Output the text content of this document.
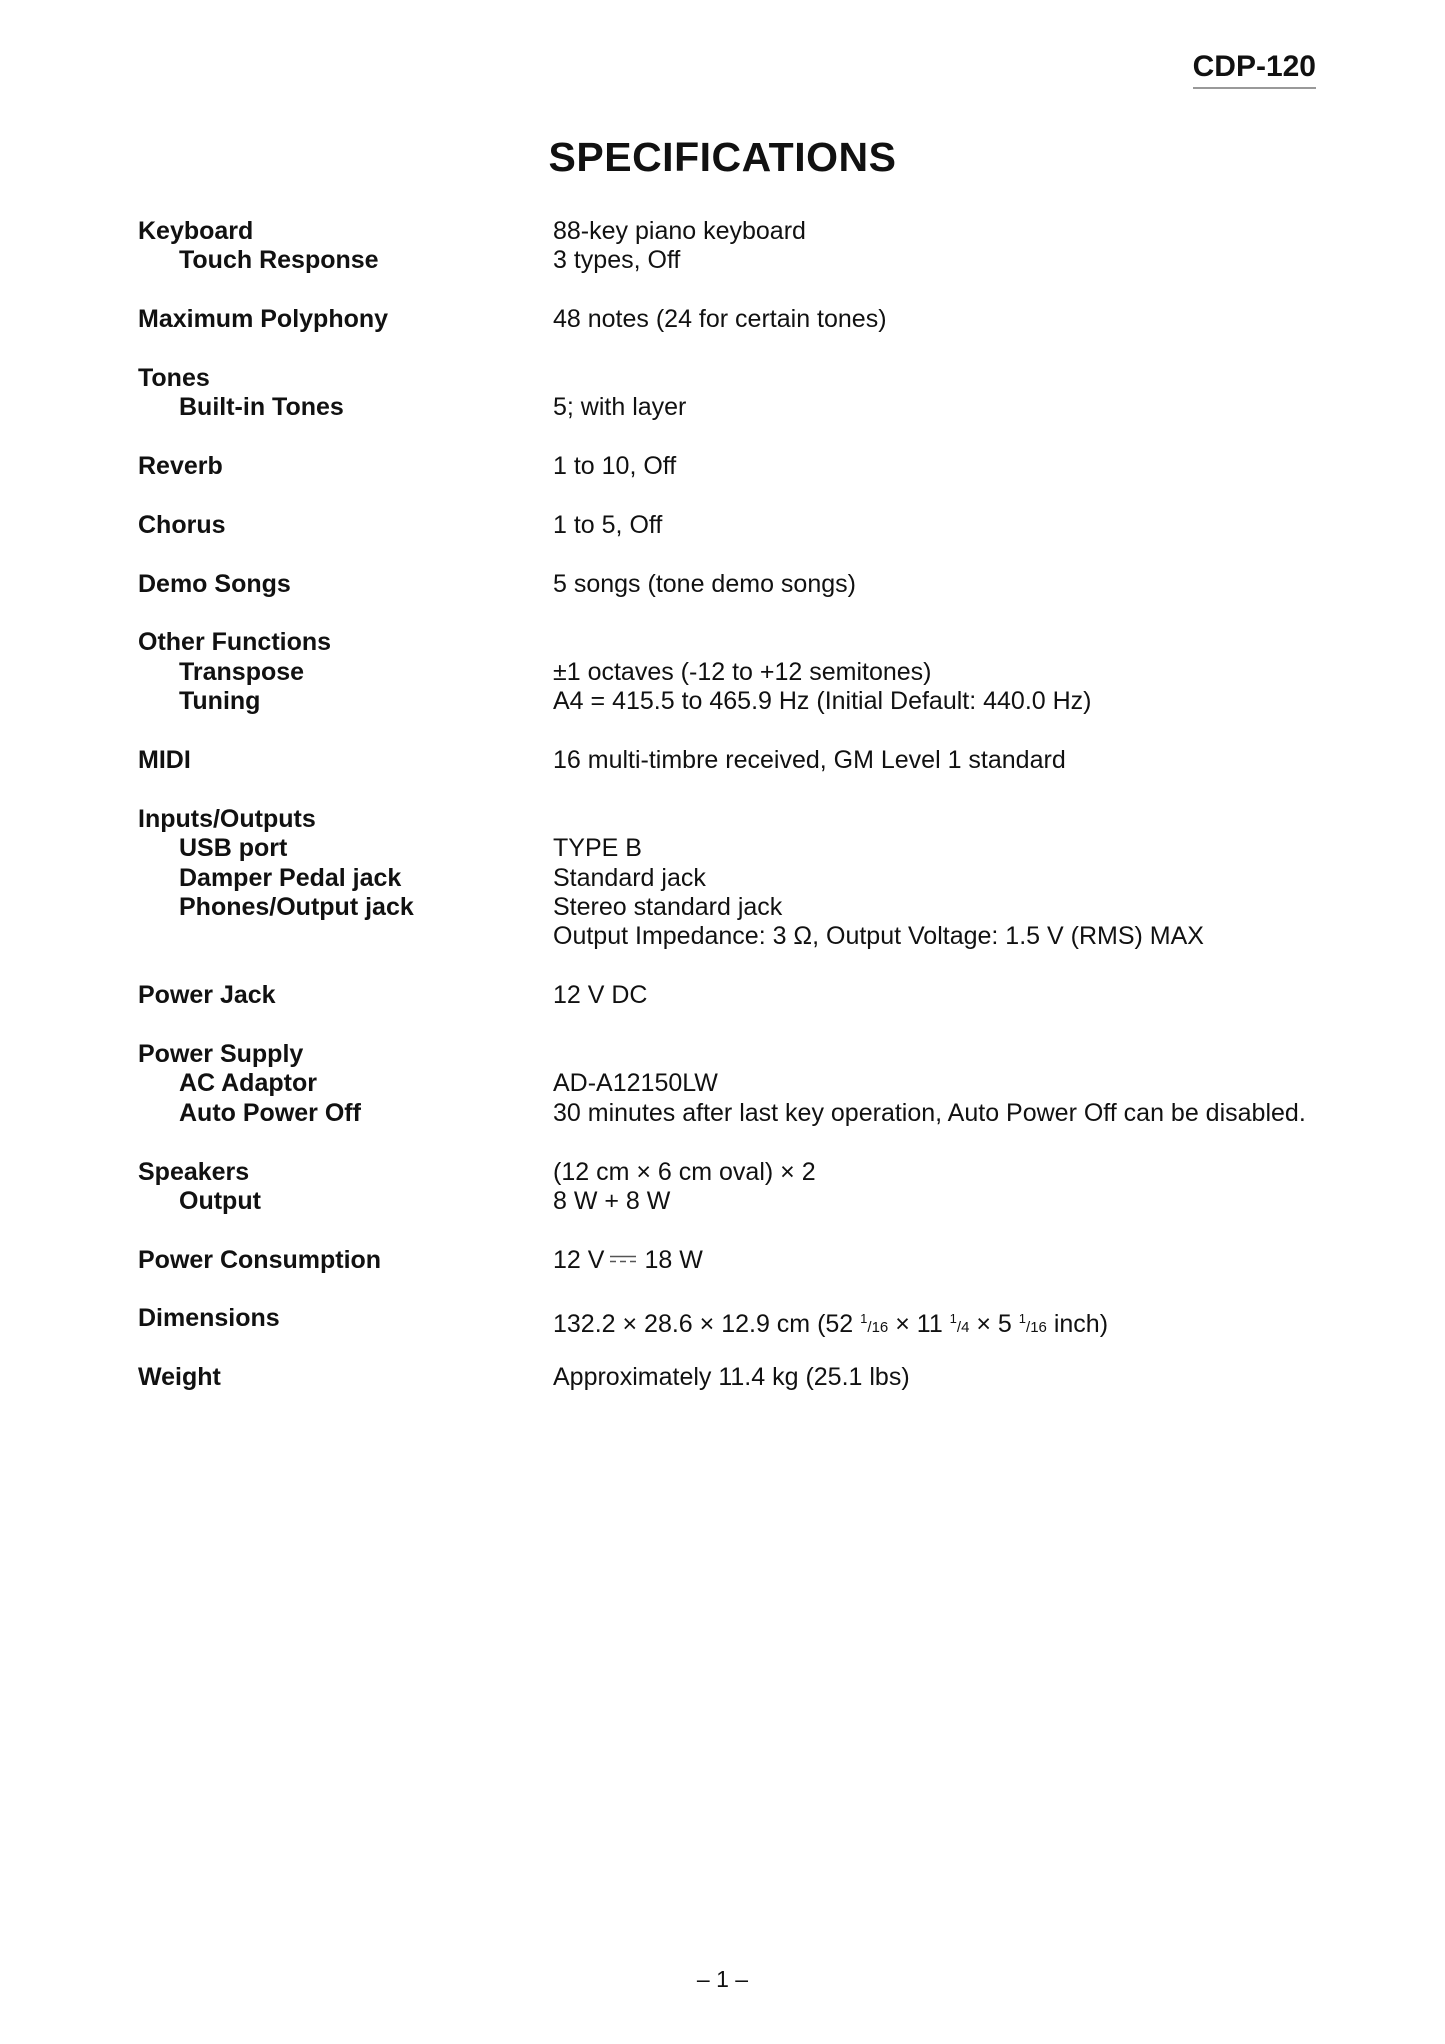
CDP-120
SPECIFICATIONS
Keyboard	88-key piano keyboard
Touch Response	3 types, Off
Maximum Polyphony	48 notes (24 for certain tones)
Tones
Built-in Tones	5; with layer
Reverb	1 to 10, Off
Chorus	1 to 5, Off
Demo Songs	5 songs (tone demo songs)
Other Functions
Transpose	±1 octaves (-12 to +12 semitones)
Tuning	A4 = 415.5 to 465.9 Hz (Initial Default: 440.0 Hz)
MIDI	16 multi-timbre received, GM Level 1 standard
Inputs/Outputs
USB port	TYPE B
Damper Pedal jack	Standard jack
Phones/Output jack	Stereo standard jack
Output Impedance: 3 Ω, Output Voltage: 1.5 V (RMS) MAX
Power Jack	12 V DC
Power Supply
AC Adaptor	AD-A12150LW
Auto Power Off	30 minutes after last key operation, Auto Power Off can be disabled.
Speakers	(12 cm × 6 cm oval) × 2
Output	8 W + 8 W
Power Consumption	12 V 18 W
Dimensions	132.2 × 28.6 × 12.9 cm (52 $^1$/16 × 11 $^1$/4 × 5 $^1$/16 inch)
Weight	Approximately 11.4 kg (25.1 lbs)
– 1 –
